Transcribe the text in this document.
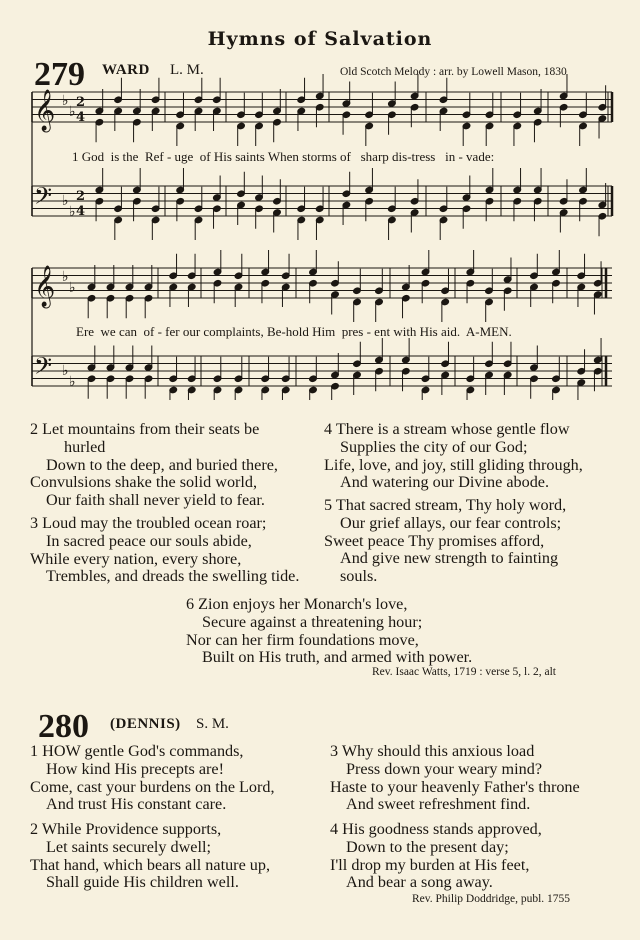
Hymns of Salvation
279 WARD L. M.	Old Scotch Melody : arr. by Lowell Mason, 1830
𝄞 ♭
♭
2
4
𝄢 ♭
♭
2
4
𝄞 ♭
♭
𝄢 ♭
♭
1 God  is the  Ref - uge  of His saints When storms of   sharp dis-tress   in - vade:
Ere  we can  of - fer our complaints, Be-hold Him  pres - ent with His aid.  A-MEN.
2 Let mountains from their seats be
hurled
Down to the deep, and buried there,
Convulsions shake the solid world,
Our faith shall never yield to fear.
3 Loud may the troubled ocean roar;
In sacred peace our souls abide,
While every nation, every shore,
Trembles, and dreads the swelling tide.
4 There is a stream whose gentle flow
Supplies the city of our God;
Life, love, and joy, still gliding through,
And watering our Divine abode.
5 That sacred stream, Thy holy word,
Our grief allays, our fear controls;
Sweet peace Thy promises afford,
And give new strength to fainting
souls.
6 Zion enjoys her Monarch's love,
Secure against a threatening hour;
Nor can her firm foundations move,
Built on His truth, and armed with power.
Rev. Isaac Watts, 1719 : verse 5, l. 2, alt
280 (DENNIS) S. M.
1 HOW gentle God's commands,
How kind His precepts are!
Come, cast your burdens on the Lord,
And trust His constant care.
2 While Providence supports,
Let saints securely dwell;
That hand, which bears all nature up,
Shall guide His children well.
3 Why should this anxious load
Press down your weary mind?
Haste to your heavenly Father's throne
And sweet refreshment find.
4 His goodness stands approved,
Down to the present day;
I'll drop my burden at His feet,
And bear a song away.
Rev. Philip Doddridge, publ. 1755
